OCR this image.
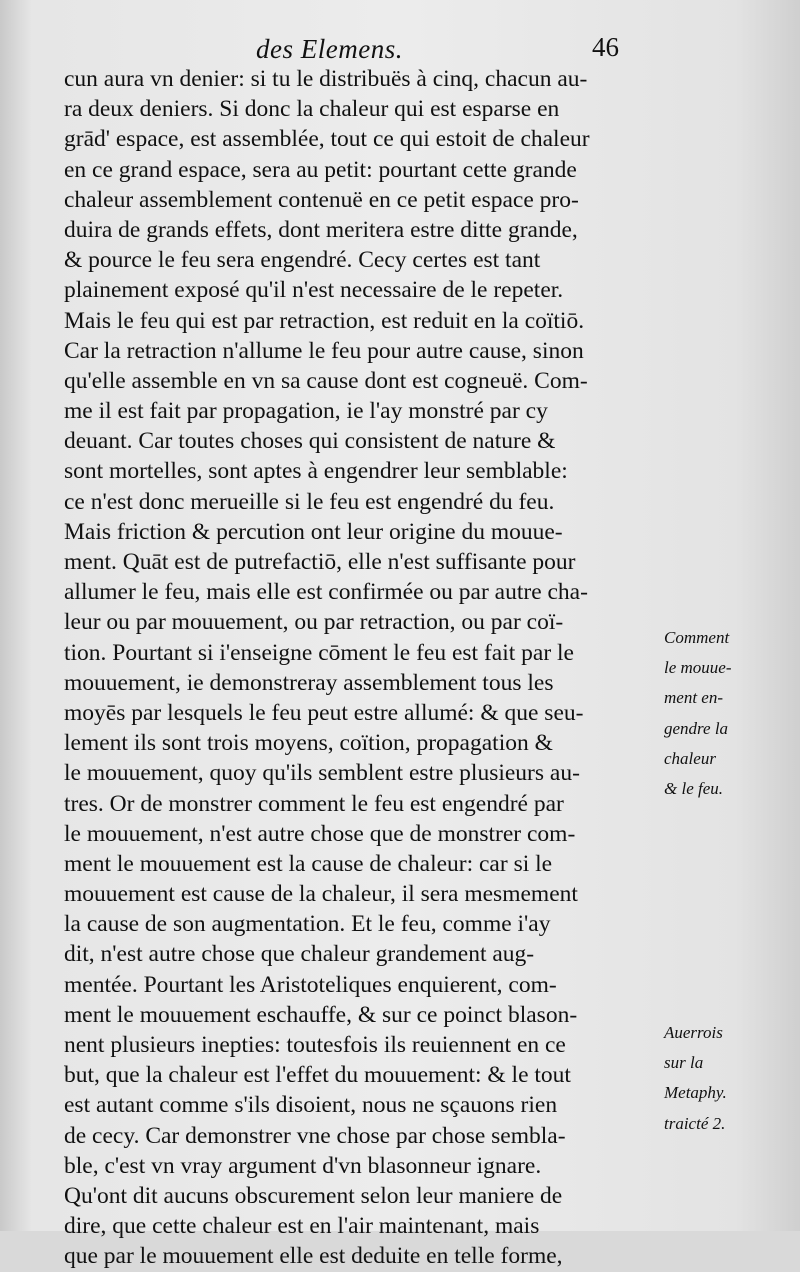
des Elemens.	46
cun aura vn denier: si tu le distribuës à cinq, chacun au-
ra deux deniers. Si donc la chaleur qui est esparse en
grād' espace, est assemblée, tout ce qui estoit de chaleur
en ce grand espace, sera au petit: pourtant cette grande
chaleur assemblement contenuë en ce petit espace pro-
duira de grands effets, dont meritera estre ditte grande,
& pource le feu sera engendré. Cecy certes est tant
plainement exposé qu'il n'est necessaire de le repeter.
Mais le feu qui est par retraction, est reduit en la coïtiō.
Car la retraction n'allume le feu pour autre cause, sinon
qu'elle assemble en vn sa cause dont est cogneuë. Com-
me il est fait par propagation, ie l'ay monstré par cy
deuant. Car toutes choses qui consistent de nature &
sont mortelles, sont aptes à engendrer leur semblable:
ce n'est donc merueille si le feu est engendré du feu.
Mais friction & percution ont leur origine du mouue-
ment. Quāt est de putrefactiō, elle n'est suffisante pour
allumer le feu, mais elle est confirmée ou par autre cha-
leur ou par mouuement, ou par retraction, ou par coï-
tion. Pourtant si i'enseigne cōment le feu est fait par le
mouuement, ie demonstreray assemblement tous les
moyēs par lesquels le feu peut estre allumé: & que seu-
lement ils sont trois moyens, coïtion, propagation &
le mouuement, quoy qu'ils semblent estre plusieurs au-
tres. Or de monstrer comment le feu est engendré par
le mouuement, n'est autre chose que de monstrer com-
ment le mouuement est la cause de chaleur: car si le
mouuement est cause de la chaleur, il sera mesmement
la cause de son augmentation. Et le feu, comme i'ay
dit, n'est autre chose que chaleur grandement aug-
mentée. Pourtant les Aristoteliques enquierent, com-
ment le mouuement eschauffe, & sur ce poinct blason-
nent plusieurs inepties: toutesfois ils reuiennent en ce
but, que la chaleur est l'effet du mouuement: & le tout
est autant comme s'ils disoient, nous ne sçauons rien
de cecy. Car demonstrer vne chose par chose sembla-
ble, c'est vn vray argument d'vn blasonneur ignare.
Qu'ont dit aucuns obscurement selon leur maniere de
dire, que cette chaleur est en l'air maintenant, mais
que par le mouuement elle est deduite en telle forme,
Comment
le mouue-
ment en-
gendre la
chaleur
& le feu.
Auerrois
sur la
Metaphy.
traicté 2.
